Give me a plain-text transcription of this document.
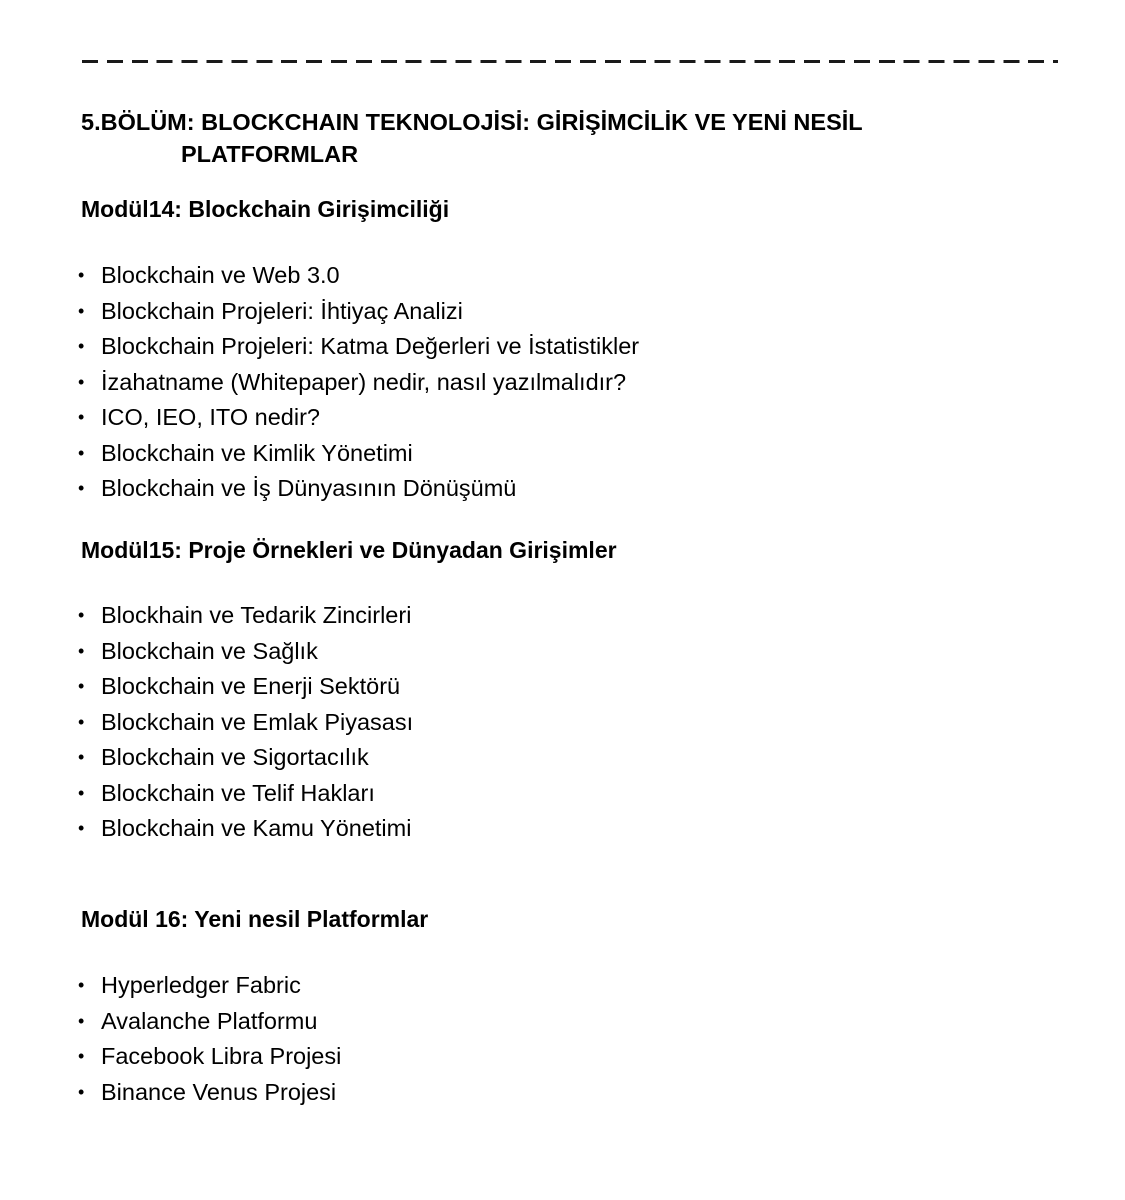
5.BÖLÜM: BLOCKCHAIN TEKNOLOJİSİ: GİRİŞİMCİLİK VE YENİ NESİL
PLATFORMLAR
Modül14: Blockchain Girişimciliği
• Blockchain ve Web 3.0
• Blockchain Projeleri: İhtiyaç Analizi
• Blockchain Projeleri: Katma Değerleri ve İstatistikler
• İzahatname (Whitepaper) nedir, nasıl yazılmalıdır?
• ICO, IEO, ITO nedir?
• Blockchain ve Kimlik Yönetimi
• Blockchain ve İş Dünyasının Dönüşümü
Modül15: Proje Örnekleri ve Dünyadan Girişimler
• Blockhain ve Tedarik Zincirleri
• Blockchain ve Sağlık
• Blockchain ve Enerji Sektörü
• Blockchain ve Emlak Piyasası
• Blockchain ve Sigortacılık
• Blockchain ve Telif Hakları
• Blockchain ve Kamu Yönetimi
Modül 16: Yeni nesil Platformlar
• Hyperledger Fabric
• Avalanche Platformu
• Facebook Libra Projesi
• Binance Venus Projesi
